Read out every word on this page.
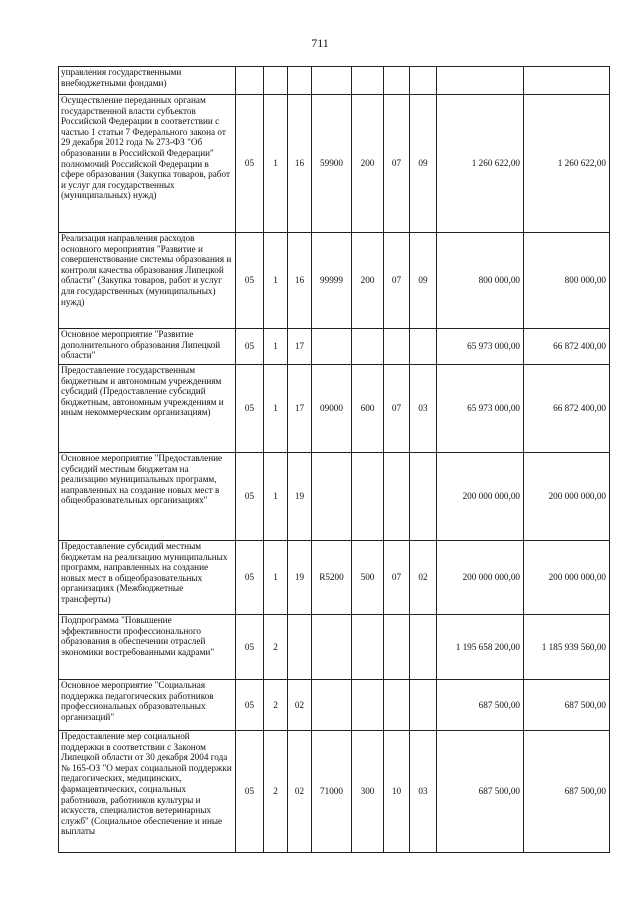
711
управления государственными внебюджетными фондами)									
Осуществление переданных органам государственной власти субъектов Российской Федерации в соответствии с частью 1 статьи 7 Федерального закона от 29 декабря 2012 года № 273-ФЗ "Об образовании в Российской Федерации" полномочий Российской Федерации в сфере образования (Закупка товаров, работ и услуг для государственных (муниципальных) нужд)	05	1	16	59900	200	07	09	1 260 622,00	1 260 622,00
Реализация направления расходов основного мероприятия "Развитие и совершенствование системы образования и контроля качества образования Липецкой области" (Закупка товаров, работ и услуг для государственных (муниципальных) нужд)	05	1	16	99999	200	07	09	800 000,00	800 000,00
Основное мероприятие "Развитие дополнительного образования Липецкой области"	05	1	17					65 973 000,00	66 872 400,00
Предоставление государственным бюджетным и автономным учреждениям субсидий (Предоставление субсидий бюджетным, автономным учреждениям и иным некоммерческим организациям)	05	1	17	09000	600	07	03	65 973 000,00	66 872 400,00
Основное мероприятие "Предоставление субсидий местным бюджетам на реализацию муниципальных программ, направленных на создание новых мест в общеобразовательных организациях"	05	1	19					200 000 000,00	200 000 000,00
Предоставление субсидий местным бюджетам на реализацию муниципальных программ, направленных на создание новых мест в общеобразовательных организациях (Межбюджетные трансферты)	05	1	19	R5200	500	07	02	200 000 000,00	200 000 000,00
Подпрограмма "Повышение эффективности профессионального образования в обеспечении отраслей экономики востребованными кадрами"	05	2						1 195 658 200,00	1 185 939 560,00
Основное мероприятие "Социальная поддержка педагогических работников профессиональных образовательных организаций"	05	2	02					687 500,00	687 500,00
Предоставление мер социальной поддержки в соответствии с Законом Липецкой области от 30 декабря 2004 года № 165-ОЗ "О мерах социальной поддержки педагогических, медицинских, фармацевтических, социальных работников, работников культуры и искусств, специалистов ветеринарных служб" (Социальное обеспечение и иные выплаты	05	2	02	71000	300	10	03	687 500,00	687 500,00
